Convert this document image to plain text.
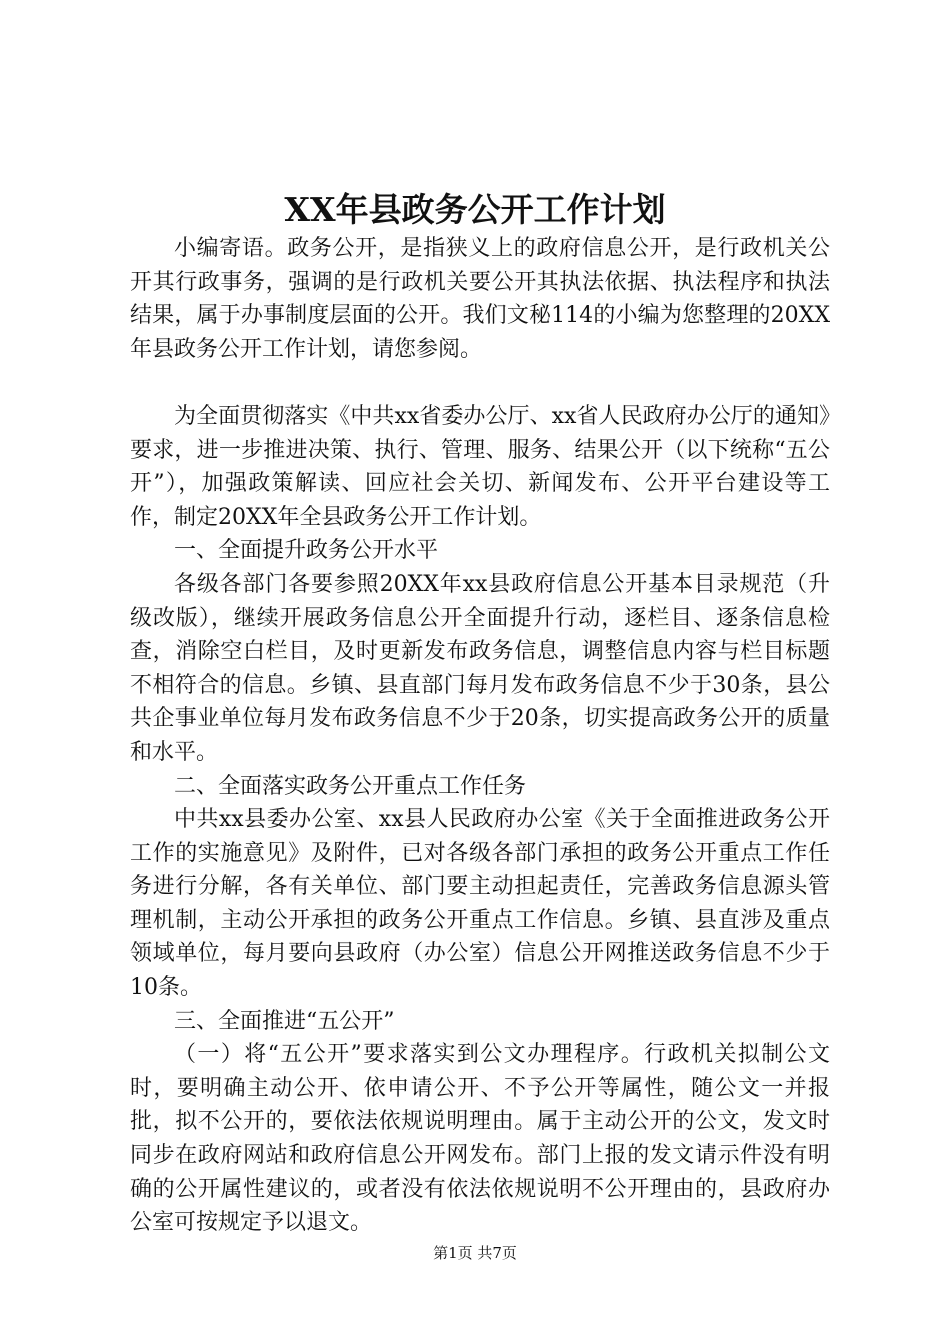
XX年县政务公开工作计划

小编寄语。政务公开，是指狭义上的政府信息公开，是行政机关公开其行政事务，强调的是行政机关要公开其执法依据、执法程序和执法结果，属于办事制度层面的公开。我们文秘114的小编为您整理的20XX年县政务公开工作计划，请您参阅。

为全面贯彻落实《中共xx省委办公厅、xx省人民政府办公厅的通知》要求，进一步推进决策、执行、管理、服务、结果公开（以下统称“五公开”），加强政策解读、回应社会关切、新闻发布、公开平台建设等工作，制定20XX年全县政务公开工作计划。

一、全面提升政务公开水平

各级各部门各要参照20XX年xx县政府信息公开基本目录规范（升级改版），继续开展政务信息公开全面提升行动，逐栏目、逐条信息检查，消除空白栏目，及时更新发布政务信息，调整信息内容与栏目标题不相符合的信息。乡镇、县直部门每月发布政务信息不少于30条，县公共企事业单位每月发布政务信息不少于20条，切实提高政务公开的质量和水平。

二、全面落实政务公开重点工作任务

中共xx县委办公室、xx县人民政府办公室《关于全面推进政务公开工作的实施意见》及附件，已对各级各部门承担的政务公开重点工作任务进行分解，各有关单位、部门要主动担起责任，完善政务信息源头管理机制，主动公开承担的政务公开重点工作信息。乡镇、县直涉及重点领域单位，每月要向县政府（办公室）信息公开网推送政务信息不少于10条。

三、全面推进“五公开”

（一）将“五公开”要求落实到公文办理程序。行政机关拟制公文时，要明确主动公开、依申请公开、不予公开等属性，随公文一并报批，拟不公开的，要依法依规说明理由。属于主动公开的公文，发文时同步在政府网站和政府信息公开网发布。部门上报的发文请示件没有明确的公开属性建议的，或者没有依法依规说明不公开理由的，县政府办公室可按规定予以退文。

第1页 共7页
